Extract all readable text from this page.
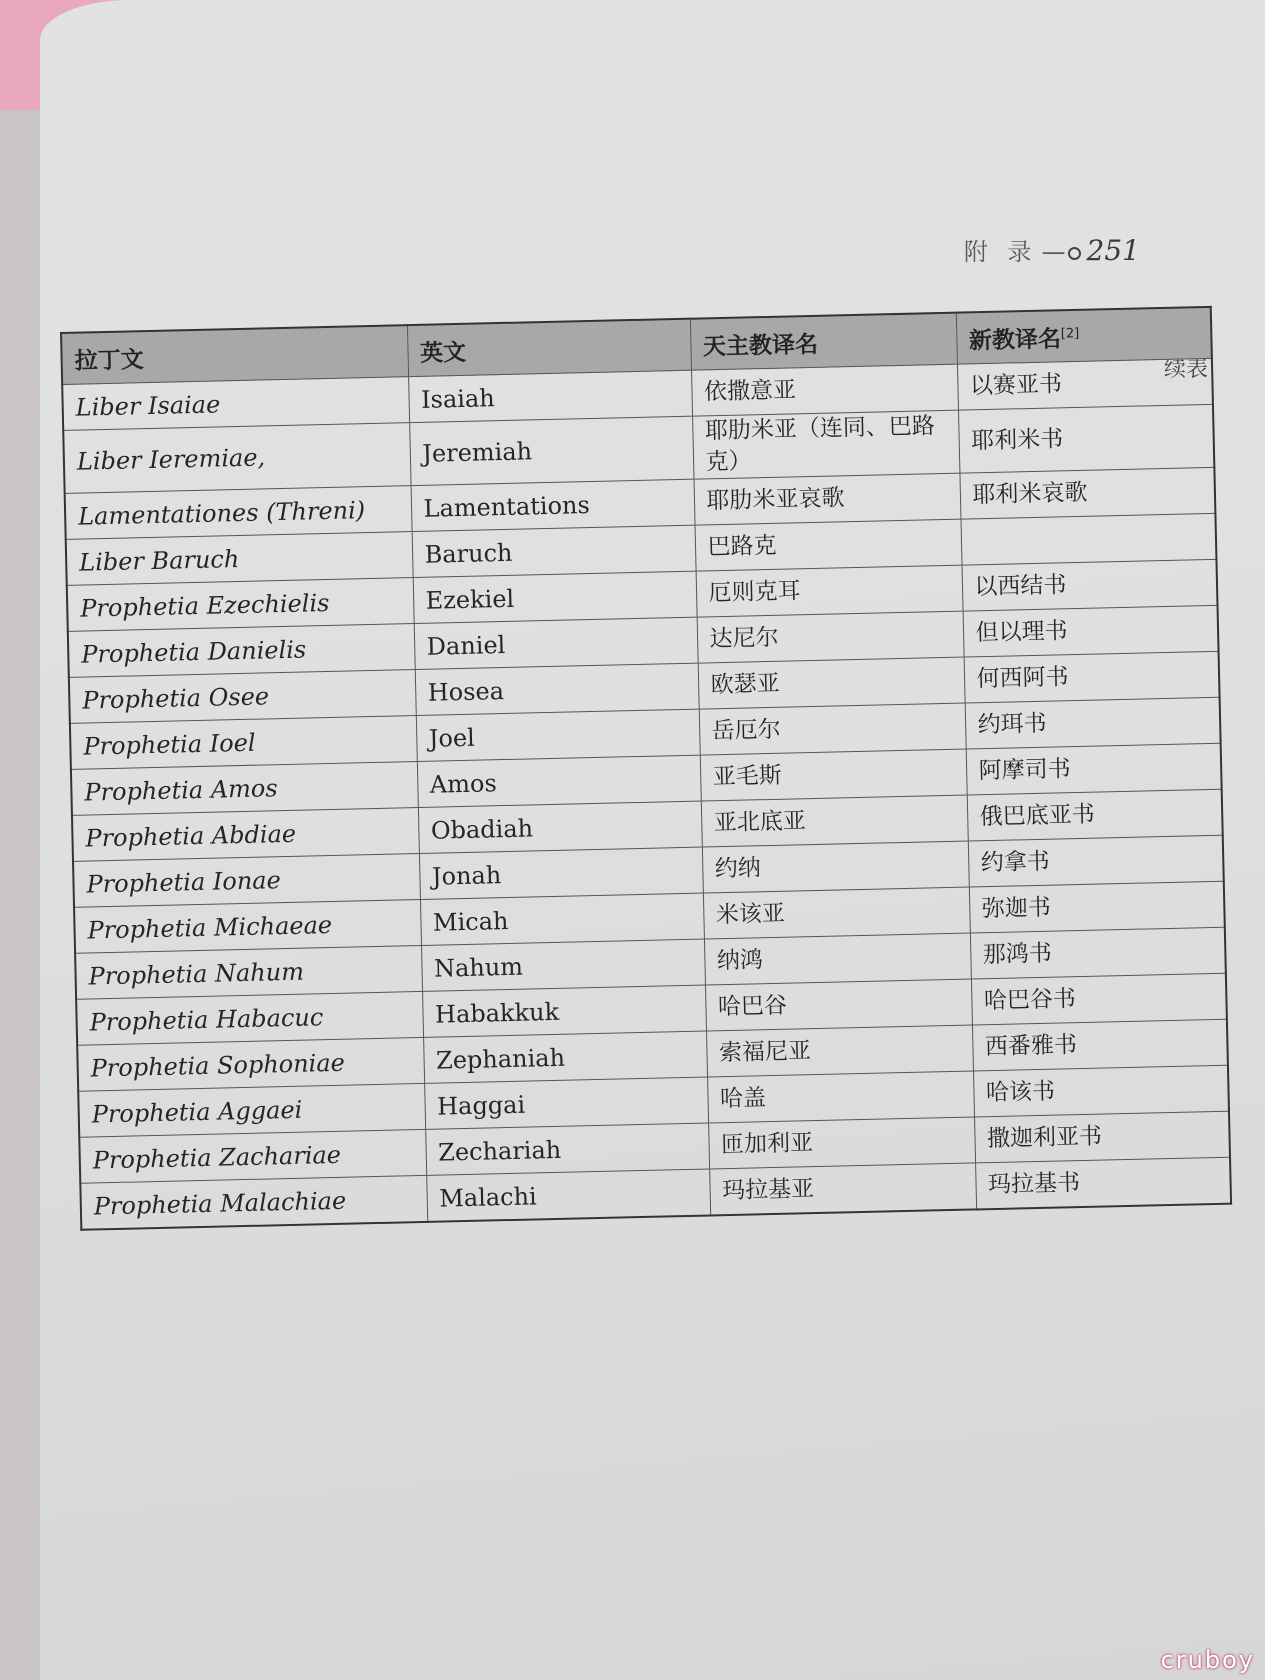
附 录 — 251
续表
拉丁文	英文	天主教译名	新教译名[2]
Liber Isaiae	Isaiah	依撒意亚	以赛亚书
Liber Ieremiae,	Jeremiah	耶肋米亚（连同、巴路克）	耶利米书
Lamentationes (Threni)	Lamentations	耶肋米亚哀歌	耶利米哀歌
Liber Baruch	Baruch	巴路克	
Prophetia Ezechielis	Ezekiel	厄则克耳	以西结书
Prophetia Danielis	Daniel	达尼尔	但以理书
Prophetia Osee	Hosea	欧瑟亚	何西阿书
Prophetia Ioel	Joel	岳厄尔	约珥书
Prophetia Amos	Amos	亚毛斯	阿摩司书
Prophetia Abdiae	Obadiah	亚北底亚	俄巴底亚书
Prophetia Ionae	Jonah	约纳	约拿书
Prophetia Michaeae	Micah	米该亚	弥迦书
Prophetia Nahum	Nahum	纳鸿	那鸿书
Prophetia Habacuc	Habakkuk	哈巴谷	哈巴谷书
Prophetia Sophoniae	Zephaniah	索福尼亚	西番雅书
Prophetia Aggaei	Haggai	哈盖	哈该书
Prophetia Zachariae	Zechariah	匝加利亚	撒迦利亚书
Prophetia Malachiae	Malachi	玛拉基亚	玛拉基书
cruboy
